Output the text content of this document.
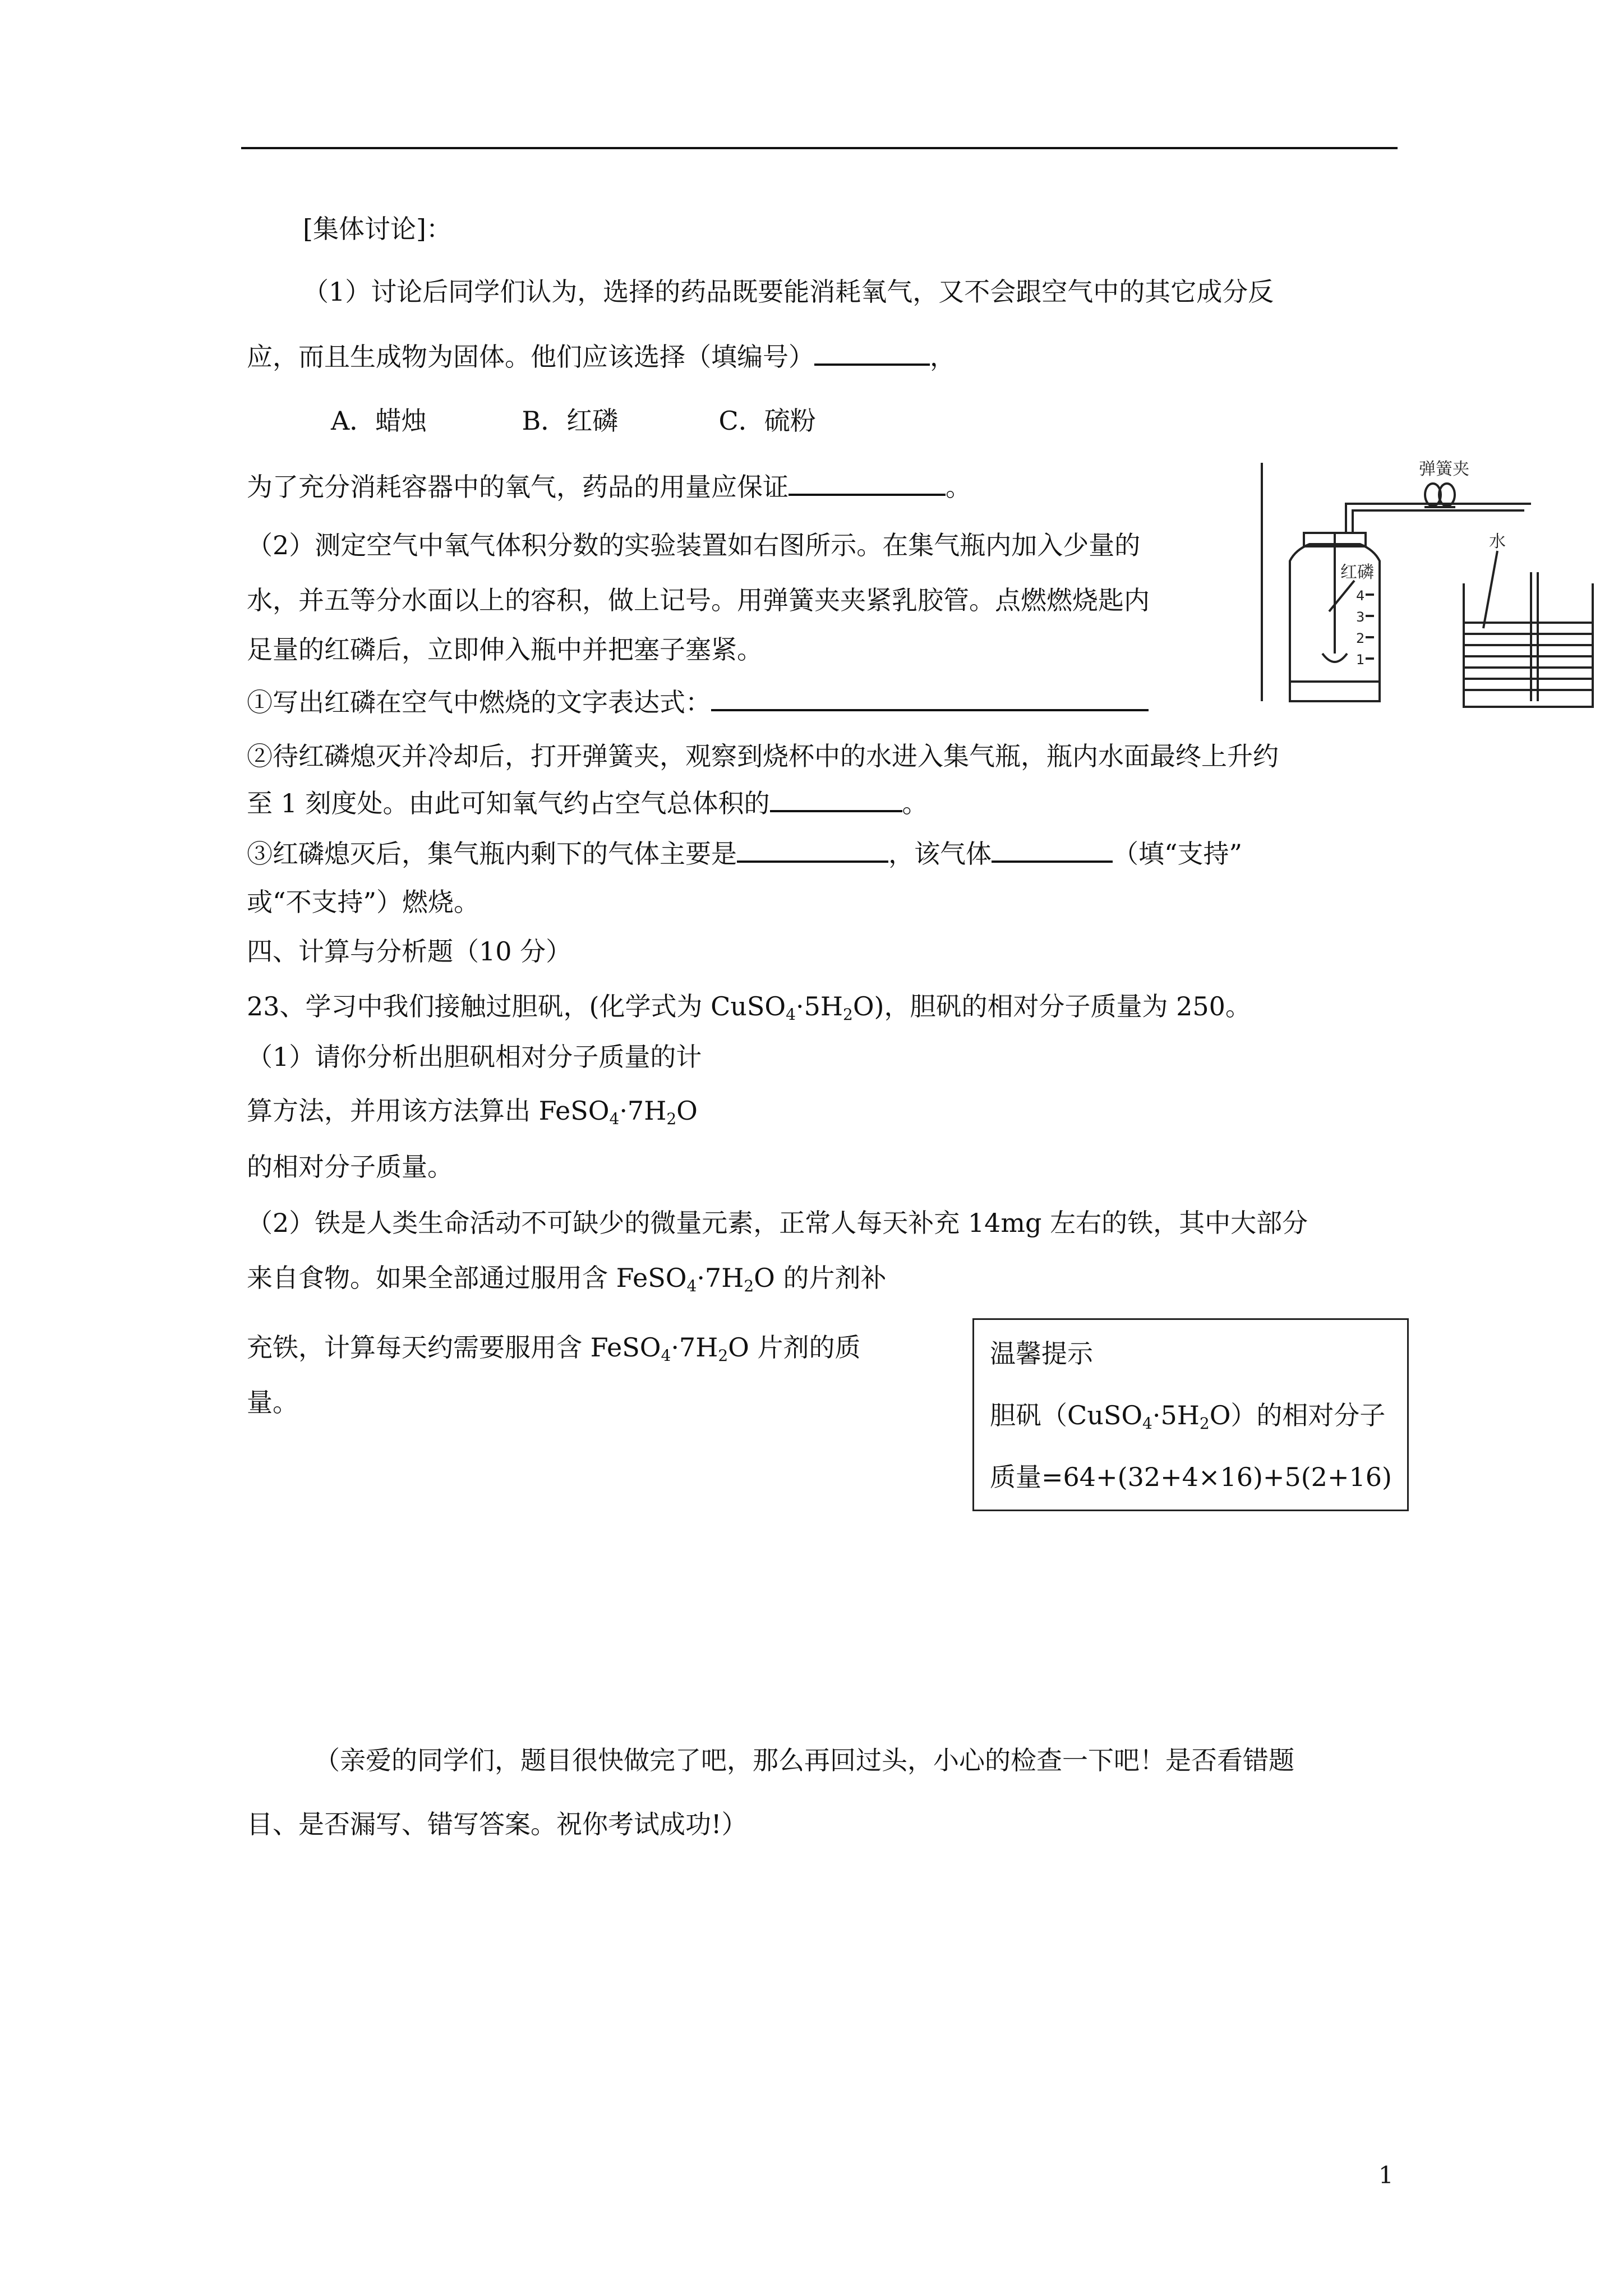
[集体讨论]：
（1）讨论后同学们认为，选择的药品既要能消耗氧气，又不会跟空气中的其它成分反
应，而且生成物为固体。他们应该选择（填编号）	，
A．蜡烛	B．红磷	C．硫粉
为了充分消耗容器中的氧气，药品的用量应保证	。
（2）测定空气中氧气体积分数的实验装置如右图所示。在集气瓶内加入少量的
水，并五等分水面以上的容积，做上记号。用弹簧夹夹紧乳胶管。点燃燃烧匙内
足量的红磷后，立即伸入瓶中并把塞子塞紧。
①写出红磷在空气中燃烧的文字表达式：
②待红磷熄灭并冷却后，打开弹簧夹，观察到烧杯中的水进入集气瓶，瓶内水面最终上升约
至 1 刻度处。由此可知氧气约占空气总体积的	。
③红磷熄灭后，集气瓶内剩下的气体主要是	，该气体	（填“支持”
或“不支持”）燃烧。
弹簧夹
红磷
水
4
3
2
1
四、计算与分析题（10 分）
23、学习中我们接触过胆矾，(化学式为 $CuSO_4\cdot 5H_2O$)，胆矾的相对分子质量为 250。
（1）请你分析出胆矾相对分子质量的计
算方法，并用该方法算出 $FeSO_4\cdot 7H_2O$
的相对分子质量。
（2）铁是人类生命活动不可缺少的微量元素，正常人每天补充 14mg 左右的铁，其中大部分
来自食物。如果全部通过服用含 $FeSO_4\cdot 7H_2O$ 的片剂补
充铁，计算每天约需要服用含 $FeSO_4\cdot 7H_2O$ 片剂的质
量。
温馨提示
胆矾$(CuSO_4\cdot 5H_2O)$的相对分子
质量=64+(32+4×16)+5(2+16)
（亲爱的同学们，题目很快做完了吧，那么再回过头，小心的检查一下吧！是否看错题
目、是否漏写、错写答案。祝你考试成功!）
1
